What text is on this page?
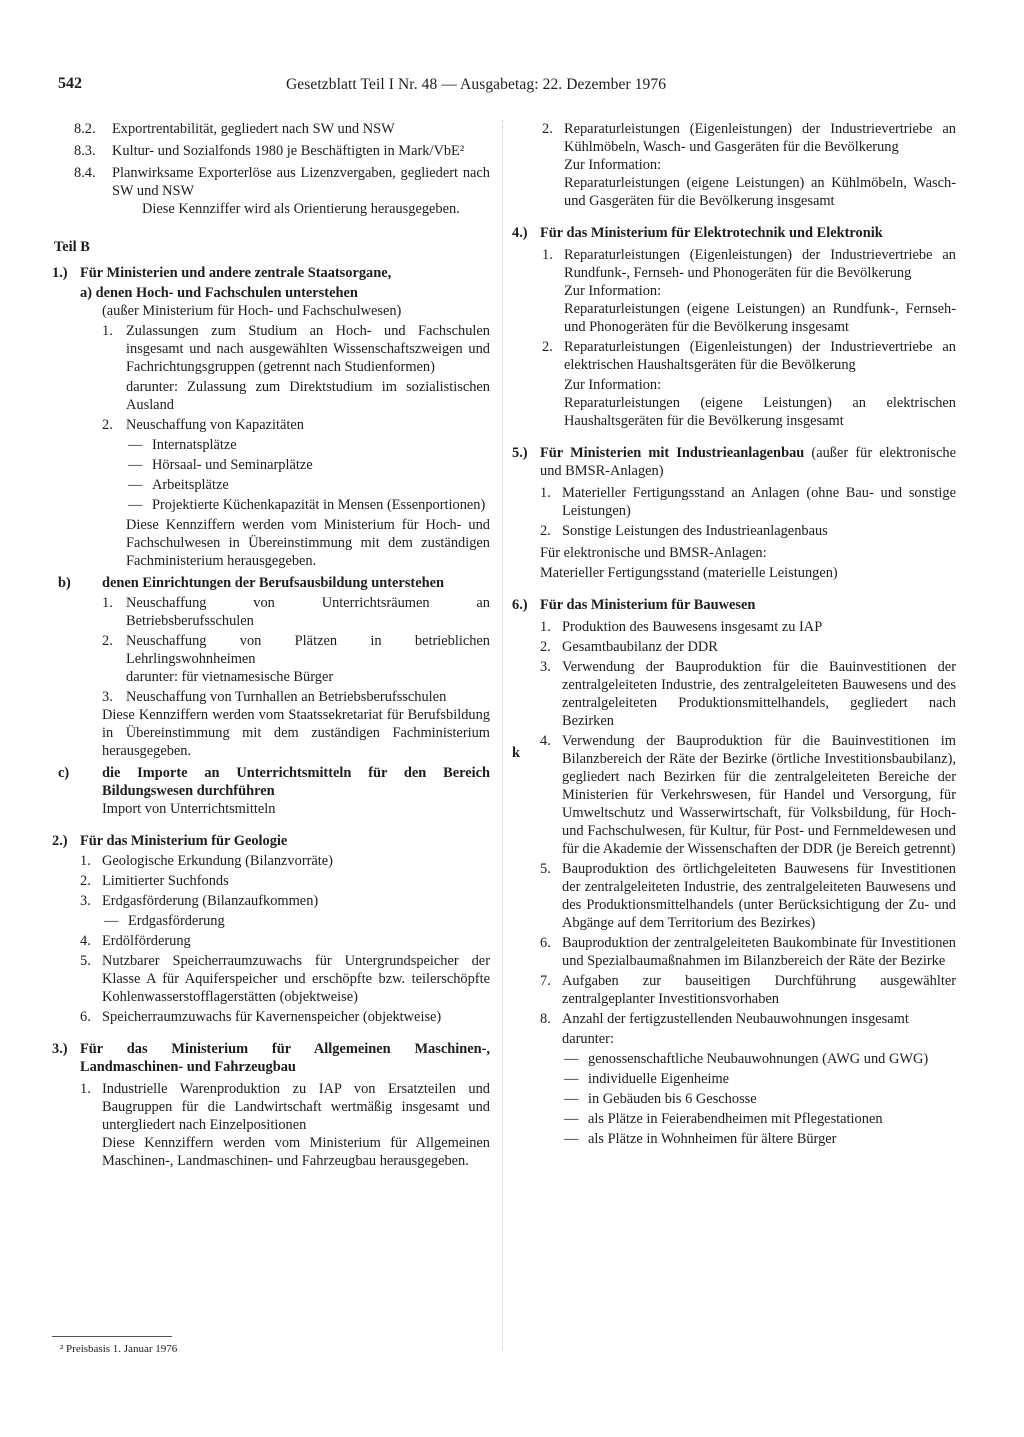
542	Gesetzblatt Teil I Nr. 48 — Ausgabetag: 22. Dezember 1976
8.2. Exportrentabilität, gegliedert nach SW und NSW
8.3. Kultur- und Sozialfonds 1980 je Beschäftigten in Mark/VbE²
8.4. Planwirksame Exporterlöse aus Lizenzvergaben, gegliedert nach SW und NSW
Diese Kennziffer wird als Orientierung herausgegeben.
Teil B
1.) Für Ministerien und andere zentrale Staatsorgane,
a) denen Hoch- und Fachschulen unterstehen
(außer Ministerium für Hoch- und Fachschulwesen)
1. Zulassungen zum Studium an Hoch- und Fachschulen insgesamt und nach ausgewählten Wissenschaftszweigen und Fachrichtungsgruppen (getrennt nach Studienformen)
darunter: Zulassung zum Direktstudium im sozialistischen Ausland
2. Neuschaffung von Kapazitäten
— Internatsplätze
— Hörsaal- und Seminarplätze
— Arbeitsplätze
— Projektierte Küchenkapazität in Mensen (Essenportionen)
Diese Kennziffern werden vom Ministerium für Hoch- und Fachschulwesen in Übereinstimmung mit dem zuständigen Fachministerium herausgegeben.
b) denen Einrichtungen der Berufsausbildung unterstehen
1. Neuschaffung von Unterrichtsräumen an Betriebsberufsschulen
2. Neuschaffung von Plätzen in betrieblichen Lehrlingswohnheimen
darunter: für vietnamesische Bürger
3. Neuschaffung von Turnhallen an Betriebsberufsschulen
Diese Kennziffern werden vom Staatssekretariat für Berufsbildung in Übereinstimmung mit dem zuständigen Fachministerium herausgegeben.
c) die Importe an Unterrichtsmitteln für den Bereich Bildungswesen durchführen
Import von Unterrichtsmitteln
2.) Für das Ministerium für Geologie
1. Geologische Erkundung (Bilanzvorräte)
2. Limitierter Suchfonds
3. Erdgasförderung (Bilanzaufkommen)
— Erdgasförderung
4. Erdölförderung
5. Nutzbarer Speicherraumzuwachs für Untergrundspeicher der Klasse A für Aquiferspeicher und erschöpfte bzw. teilerschöpfte Kohlenwasserstofflagerstätten (objektweise)
6. Speicherraumzuwachs für Kavernenspeicher (objektweise)
3.) Für das Ministerium für Allgemeinen Maschinen-, Landmaschinen- und Fahrzeugbau
1. Industrielle Warenproduktion zu IAP von Ersatzteilen und Baugruppen für die Landwirtschaft wertmäßig insgesamt und untergliedert nach Einzelpositionen
Diese Kennziffern werden vom Ministerium für Allgemeinen Maschinen-, Landmaschinen- und Fahrzeugbau herausgegeben.
2. Reparaturleistungen (Eigenleistungen) der Industrievertriebe an Kühlmöbeln, Wasch- und Gasgeräten für die Bevölkerung
Zur Information:
Reparaturleistungen (eigene Leistungen) an Kühlmöbeln, Wasch- und Gasgeräten für die Bevölkerung insgesamt
4.) Für das Ministerium für Elektrotechnik und Elektronik
1. Reparaturleistungen (Eigenleistungen) der Industrievertriebe an Rundfunk-, Fernseh- und Phonogeräten für die Bevölkerung
Zur Information:
Reparaturleistungen (eigene Leistungen) an Rundfunk-, Fernseh- und Phonogeräten für die Bevölkerung insgesamt
2. Reparaturleistungen (Eigenleistungen) der Industrievertriebe an elektrischen Haushaltsgeräten für die Bevölkerung
Zur Information:
Reparaturleistungen (eigene Leistungen) an elektrischen Haushaltsgeräten für die Bevölkerung insgesamt
5.) Für Ministerien mit Industrieanlagenbau (außer für elektronische und BMSR-Anlagen)
1. Materieller Fertigungsstand an Anlagen (ohne Bau- und sonstige Leistungen)
2. Sonstige Leistungen des Industrieanlagenbaus
Für elektronische und BMSR-Anlagen:
Materieller Fertigungsstand (materielle Leistungen)
6.) Für das Ministerium für Bauwesen
1. Produktion des Bauwesens insgesamt zu IAP
2. Gesamtbaubilanz der DDR
3. Verwendung der Bauproduktion für die Bauinvestitionen der zentralgeleiteten Industrie, des zentralgeleiteten Bauwesens und des zentralgeleiteten Produktionsmittelhandels, gegliedert nach Bezirken
4. Verwendung der Bauproduktion für die Bauinvestitionen im Bilanzbereich der Räte der Bezirke (örtliche Investitionsbaubilanz), gegliedert nach Bezirken für die zentralgeleiteten Bereiche der Ministerien für Verkehrswesen, für Handel und Versorgung, für Umweltschutz und Wasserwirtschaft, für Volksbildung, für Hoch- und Fachschulwesen, für Kultur, für Post- und Fernmeldewesen und für die Akademie der Wissenschaften der DDR (je Bereich getrennt)
5. Bauproduktion des örtlichgeleiteten Bauwesens für Investitionen der zentralgeleiteten Industrie, des zentralgeleiteten Bauwesens und des Produktionsmittelhandels (unter Berücksichtigung der Zu- und Abgänge auf dem Territorium des Bezirkes)
6. Bauproduktion der zentralgeleiteten Baukombinate für Investitionen und Spezialbaumaßnahmen im Bilanzbereich der Räte der Bezirke
7. Aufgaben zur bauseitigen Durchführung ausgewählter zentralgeplanter Investitionsvorhaben
8. Anzahl der fertigzustellenden Neubauwohnungen insgesamt
darunter:
— genossenschaftliche Neubauwohnungen (AWG und GWG)
— individuelle Eigenheime
— in Gebäuden bis 6 Geschosse
— als Plätze in Feierabendheimen mit Pflegestationen
— als Plätze in Wohnheimen für ältere Bürger
k
² Preisbasis 1. Januar 1976
